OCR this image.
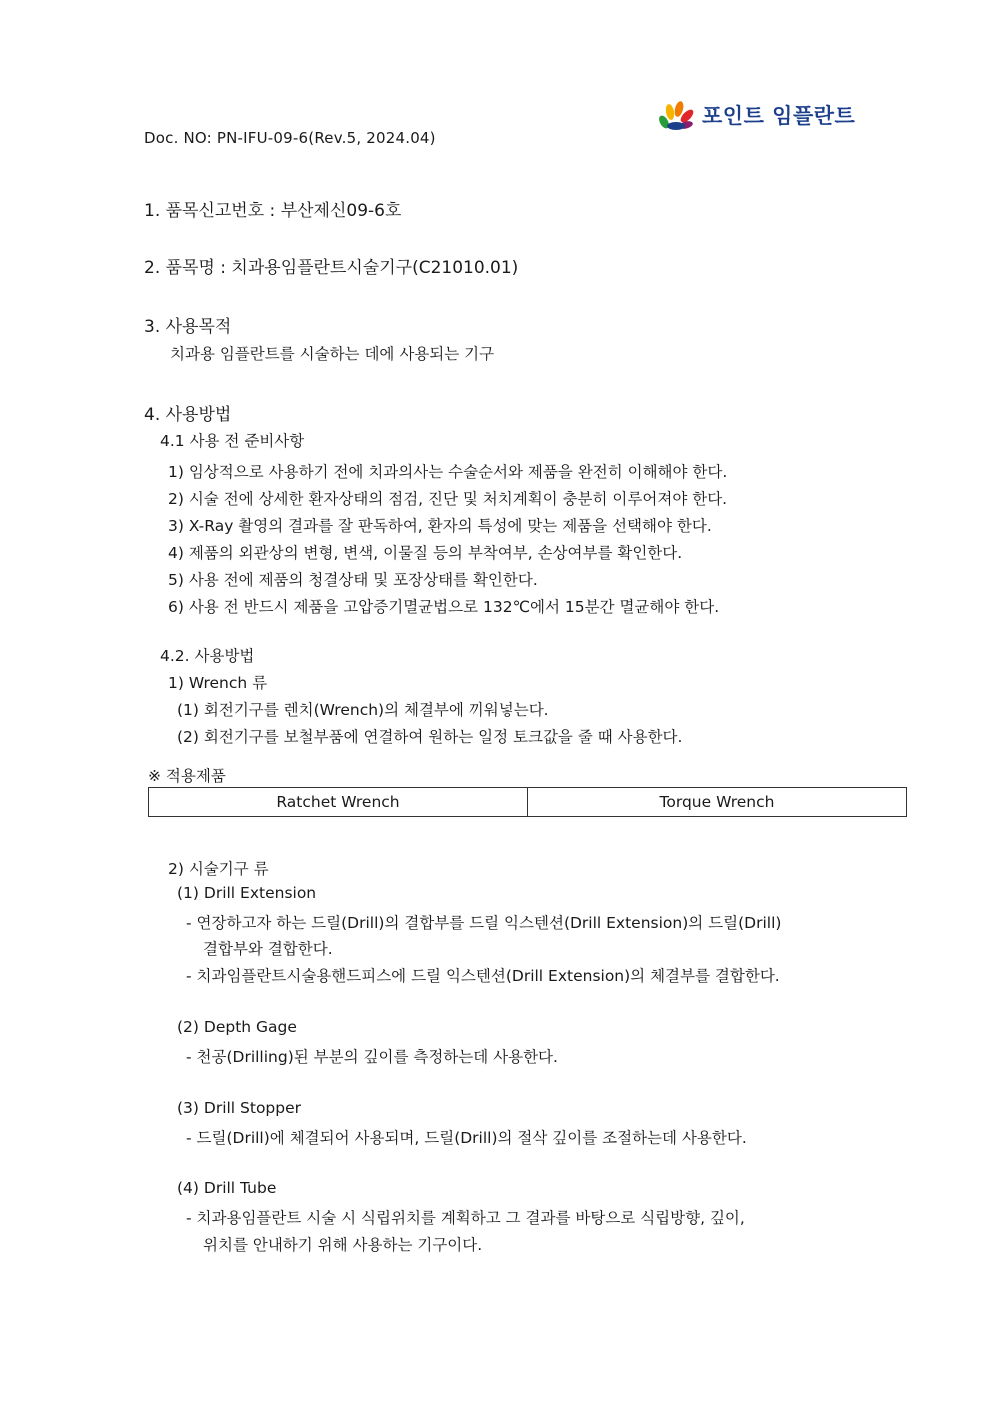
포인트 임플란트
Doc. NO: PN-IFU-09-6(Rev.5, 2024.04)
1. 품목신고번호 : 부산제신09-6호
2. 품목명 : 치과용임플란트시술기구(C21010.01)
3. 사용목적
치과용 임플란트를 시술하는 데에 사용되는 기구
4. 사용방법
4.1 사용 전 준비사항
1) 임상적으로 사용하기 전에 치과의사는 수술순서와 제품을 완전히 이해해야 한다.
2) 시술 전에 상세한 환자상태의 점검, 진단 및 처치계획이 충분히 이루어져야 한다.
3) X-Ray 촬영의 결과를 잘 판독하여, 환자의 특성에 맞는 제품을 선택해야 한다.
4) 제품의 외관상의 변형, 변색, 이물질 등의 부착여부, 손상여부를 확인한다.
5) 사용 전에 제품의 청결상태 및 포장상태를 확인한다.
6) 사용 전 반드시 제품을 고압증기멸균법으로 132℃에서 15분간 멸균해야 한다.
4.2. 사용방법
1) Wrench 류
(1) 회전기구를 렌치(Wrench)의 체결부에 끼워넣는다.
(2) 회전기구를 보철부품에 연결하여 원하는 일정 토크값을 줄 때 사용한다.
※ 적용제품
Ratchet Wrench	Torque Wrench
2) 시술기구 류
(1) Drill Extension
- 연장하고자 하는 드릴(Drill)의 결합부를 드릴 익스텐션(Drill Extension)의 드릴(Drill)
결합부와 결합한다.
- 치과임플란트시술용핸드피스에 드릴 익스텐션(Drill Extension)의 체결부를 결합한다.
(2) Depth Gage
- 천공(Drilling)된 부분의 깊이를 측정하는데 사용한다.
(3) Drill Stopper
- 드릴(Drill)에 체결되어 사용되며, 드릴(Drill)의 절삭 깊이를 조절하는데 사용한다.
(4) Drill Tube
- 치과용임플란트 시술 시 식립위치를 계획하고 그 결과를 바탕으로 식립방향, 깊이,
위치를 안내하기 위해 사용하는 기구이다.
